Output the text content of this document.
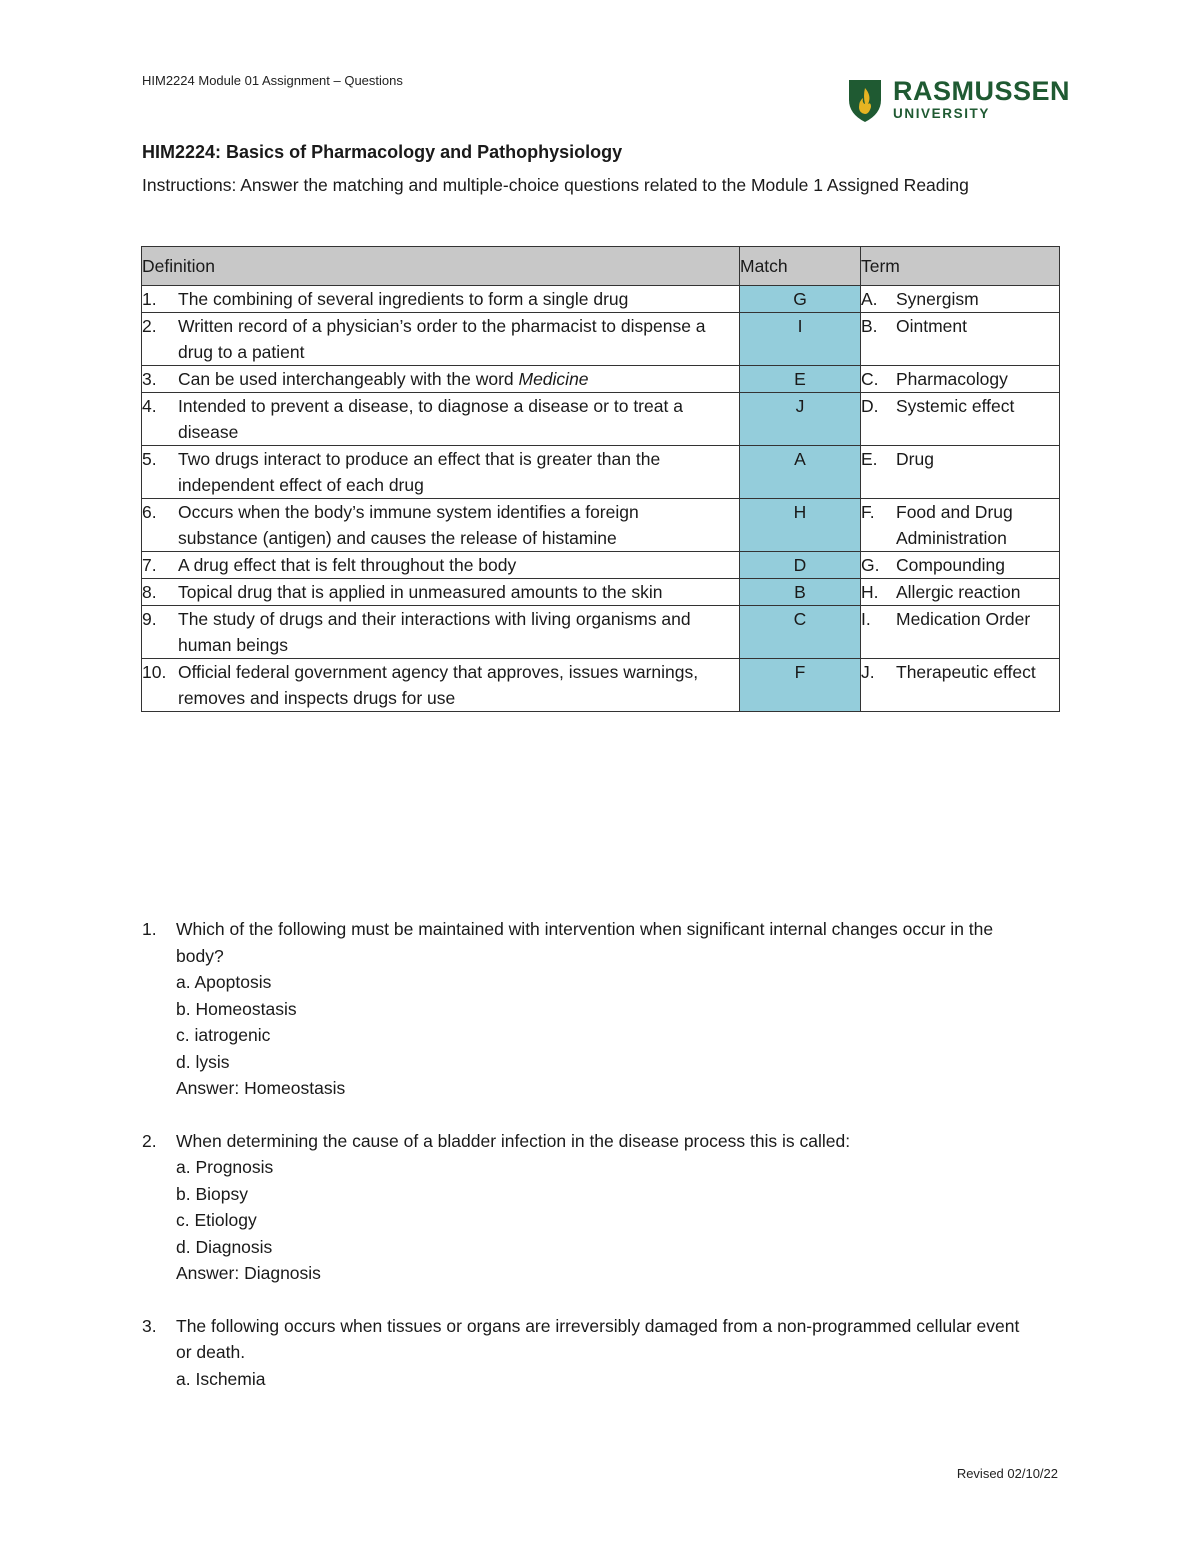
HIM2224 Module 01 Assignment – Questions	RASMUSSEN
UNIVERSITY
HIM2224: Basics of Pharmacology and Pathophysiology
Instructions: Answer the matching and multiple-choice questions related to the Module 1 Assigned Reading
Definition	Match	Term
1.The combining of several ingredients to form a single drug	G	A. Synergism
2. Written record of a physician’s order to the pharmacist to dispense a drug to a patient	I	B. Ointment
3. Can be used interchangeably with the word Medicine	E	C. Pharmacology
4. Intended to prevent a disease, to diagnose a disease or to treat a disease	J	D. Systemic effect
5. Two drugs interact to produce an effect that is greater than the independent effect of each drug	A	E. Drug
6. Occurs when the body’s immune system identifies a foreign substance (antigen) and causes the release of histamine	H	F. Food and Drug Administration
7. A drug effect that is felt throughout the body	D	G. Compounding
8. Topical drug that is applied in unmeasured amounts to the skin	B	H. Allergic reaction
9. The study of drugs and their interactions with living organisms and human beings	C	I. Medication Order
10. Official federal government agency that approves, issues warnings, removes and inspects drugs for use	F	J. Therapeutic effect
1. Which of the following must be maintained with intervention when significant internal changes occur in the body?
a. Apoptosis
b. Homeostasis
c. iatrogenic
d. lysis
Answer: Homeostasis
2. When determining the cause of a bladder infection in the disease process this is called:
a. Prognosis
b. Biopsy
c. Etiology
d. Diagnosis
Answer: Diagnosis
3. The following occurs when tissues or organs are irreversibly damaged from a non-programmed cellular event or death.
a. Ischemia
Revised 02/10/22
